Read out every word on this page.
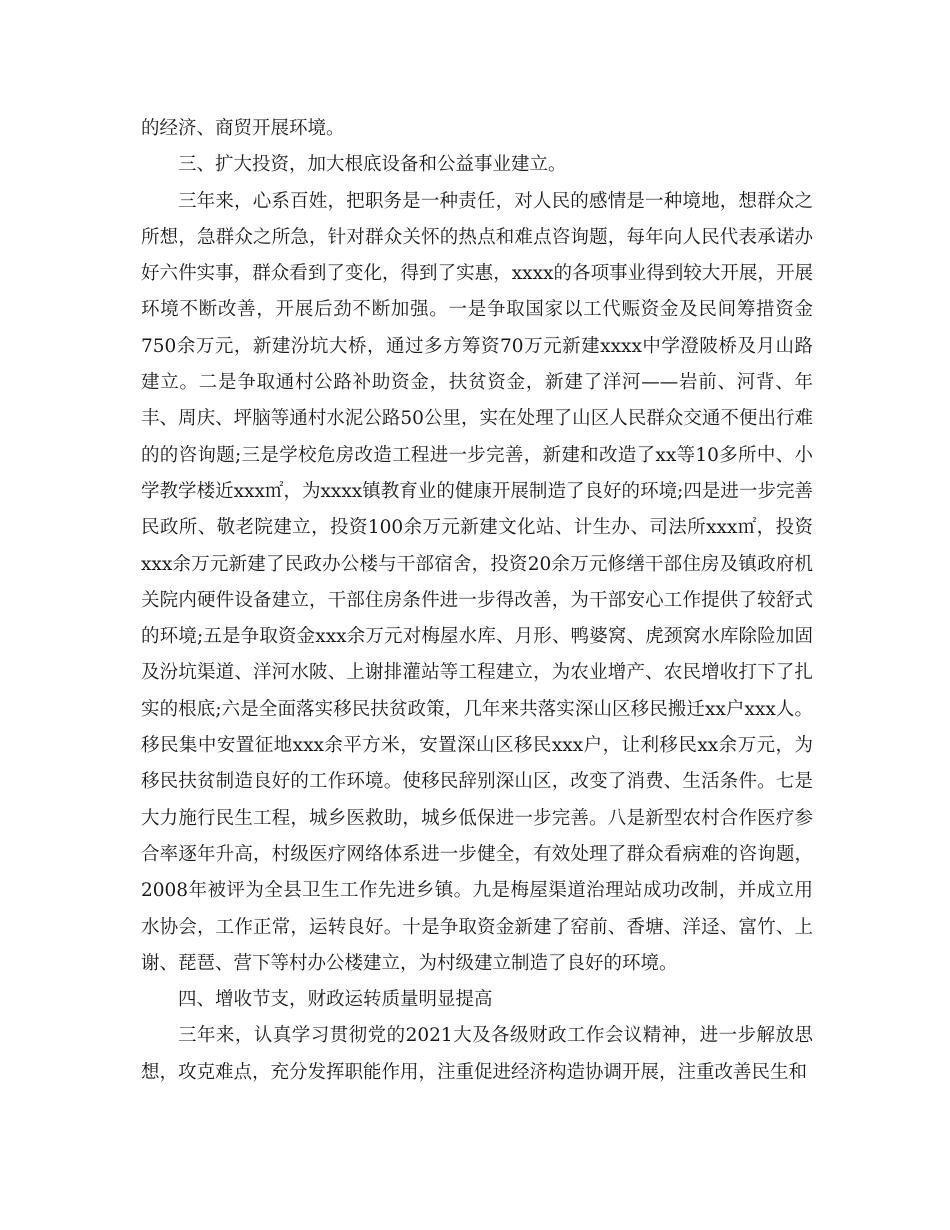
的经济、商贸开展环境。

三、扩大投资，加大根底设备和公益事业建立。

三年来，心系百姓，把职务是一种责任，对人民的感情是一种境地，想群众之所想，急群众之所急，针对群众关怀的热点和难点咨询题，每年向人民代表承诺办好六件实事，群众看到了变化，得到了实惠，xxxx的各项事业得到较大开展，开展环境不断改善，开展后劲不断加强。一是争取国家以工代赈资金及民间筹措资金750余万元，新建汾坑大桥，通过多方筹资70万元新建xxxx中学澄陂桥及月山路建立。二是争取通村公路补助资金，扶贫资金，新建了洋河——岩前、河背、年丰、周庆、坪脑等通村水泥公路50公里，实在处理了山区人民群众交通不便出行难的的咨询题;三是学校危房改造工程进一步完善，新建和改造了xx等10多所中、小学教学楼近xxx㎡，为xxxx镇教育业的健康开展制造了良好的环境;四是进一步完善民政所、敬老院建立，投资100余万元新建文化站、计生办、司法所xxx㎡，投资xxx余万元新建了民政办公楼与干部宿舍，投资20余万元修缮干部住房及镇政府机关院内硬件设备建立，干部住房条件进一步得改善，为干部安心工作提供了较舒式的环境;五是争取资金xxx余万元对梅屋水库、月形、鸭婆窝、虎颈窝水库除险加固及汾坑渠道、洋河水陂、上谢排灌站等工程建立，为农业增产、农民增收打下了扎实的根底;六是全面落实移民扶贫政策，几年来共落实深山区移民搬迁xx户xxx人。移民集中安置征地xxx余平方米，安置深山区移民xxx户，让利移民xx余万元，为移民扶贫制造良好的工作环境。使移民辞别深山区，改变了消费、生活条件。七是大力施行民生工程，城乡医救助，城乡低保进一步完善。八是新型农村合作医疗参合率逐年升高，村级医疗网络体系进一步健全，有效处理了群众看病难的咨询题，2008年被评为全县卫生工作先进乡镇。九是梅屋渠道治理站成功改制，并成立用水协会，工作正常，运转良好。十是争取资金新建了窑前、香塘、洋迳、富竹、上谢、琵琶、营下等村办公楼建立，为村级建立制造了良好的环境。

四、增收节支，财政运转质量明显提高

三年来，认真学习贯彻党的2021大及各级财政工作会议精神，进一步解放思想，攻克难点，充分发挥职能作用，注重促进经济构造协调开展，注重改善民生和
